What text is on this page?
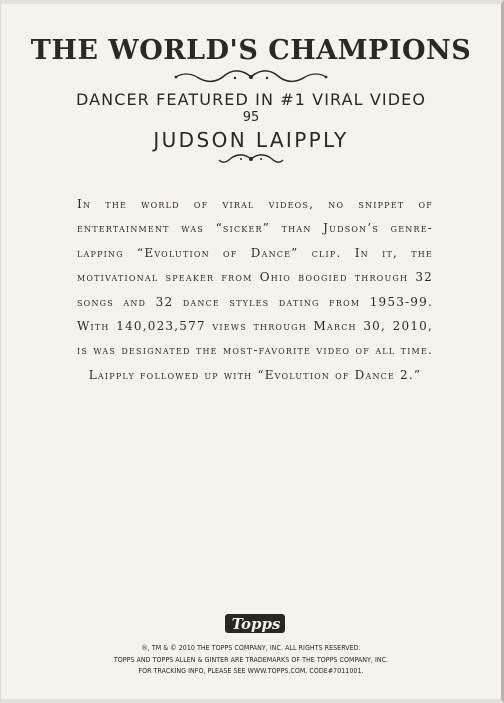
THE WORLD'S CHAMPIONS
DANCER FEATURED IN #1 VIRAL VIDEO
95
JUDSON LAIPPLY
In the world of viral videos, no snippet of entertainment was “sicker” than Judson’s genre-lapping “Evolution of Dance” clip. In it, the motivational speaker from Ohio boogied through 32 songs and 32 dance styles dating from 1953-99. With 140,023,577 views through March 30, 2010, is was designated the most-favorite video of all time. Laipply followed up with “Evolution of Dance 2.”
Topps
®, TM & © 2010 THE TOPPS COMPANY, INC. ALL RIGHTS RESERVED.
TOPPS AND TOPPS ALLEN & GINTER ARE TRADEMARKS OF THE TOPPS COMPANY, INC.
FOR TRACKING INFO, PLEASE SEE WWW.TOPPS.COM. CODE#7011001.
